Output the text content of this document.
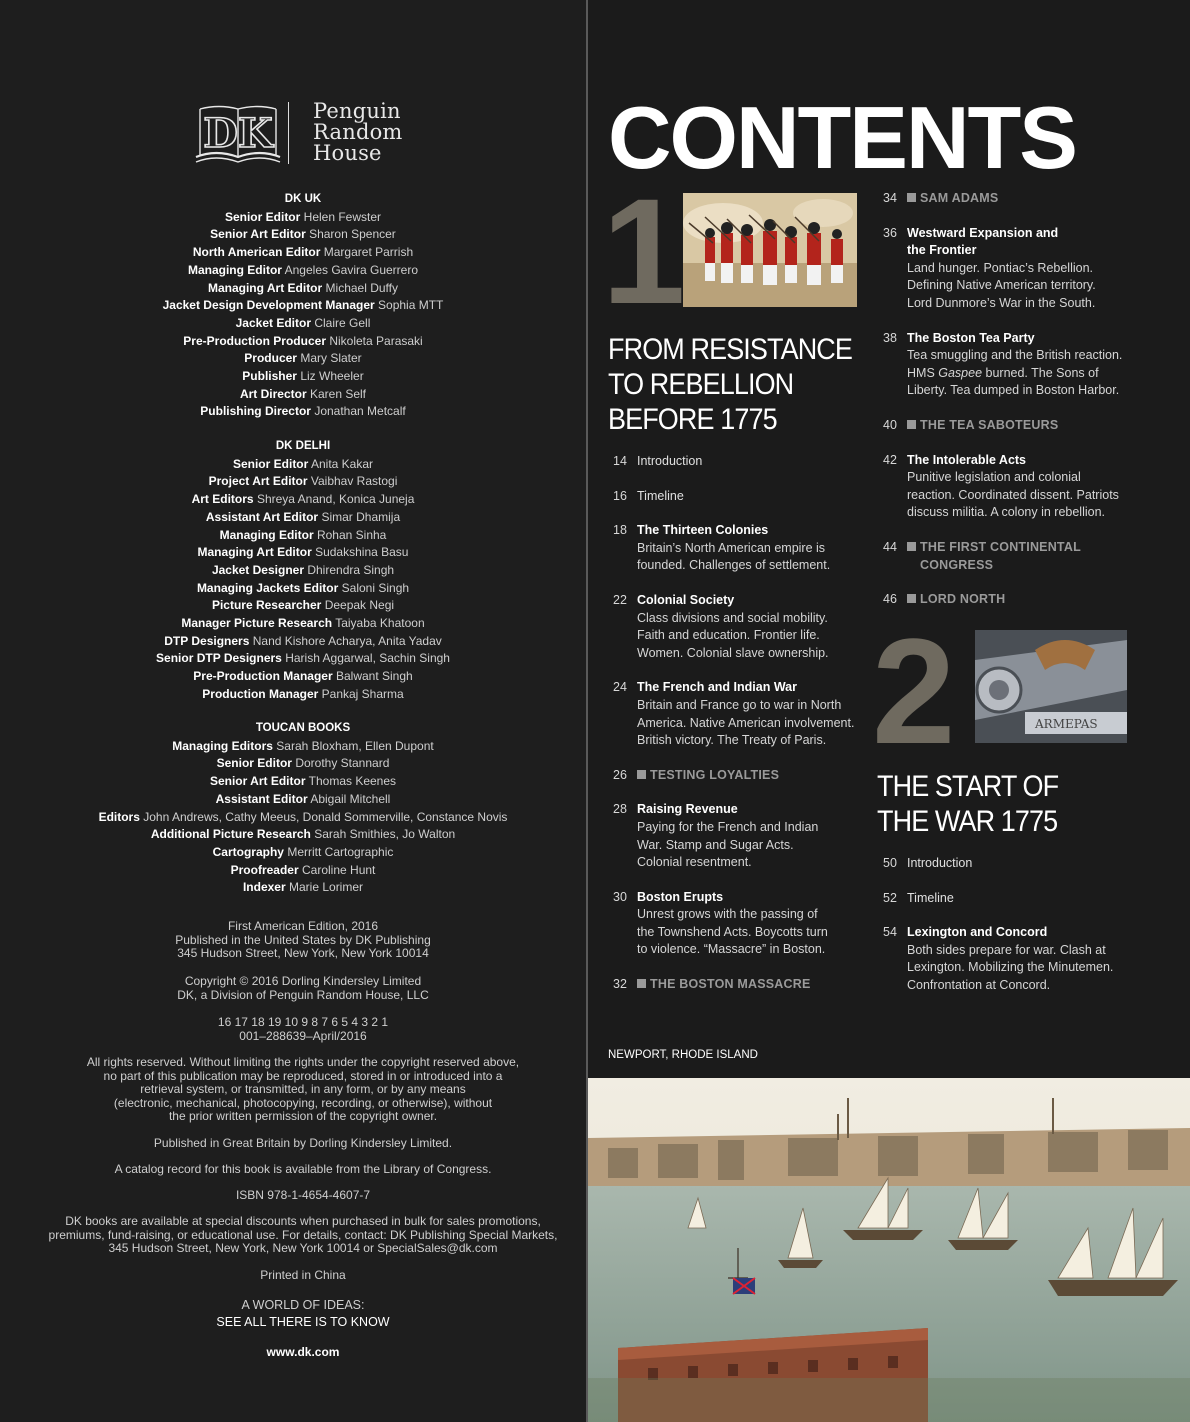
DK Penguin
Random
House
DK UK
Senior Editor Helen Fewster
Senior Art Editor Sharon Spencer
North American Editor Margaret Parrish
Managing Editor Angeles Gavira Guerrero
Managing Art Editor Michael Duffy
Jacket Design Development Manager Sophia MTT
Jacket Editor Claire Gell
Pre-Production Producer Nikoleta Parasaki
Producer Mary Slater
Publisher Liz Wheeler
Art Director Karen Self
Publishing Director Jonathan Metcalf
DK DELHI
Senior Editor Anita Kakar
Project Art Editor Vaibhav Rastogi
Art Editors Shreya Anand, Konica Juneja
Assistant Art Editor Simar Dhamija
Managing Editor Rohan Sinha
Managing Art Editor Sudakshina Basu
Jacket Designer Dhirendra Singh
Managing Jackets Editor Saloni Singh
Picture Researcher Deepak Negi
Manager Picture Research Taiyaba Khatoon
DTP Designers Nand Kishore Acharya, Anita Yadav
Senior DTP Designers Harish Aggarwal, Sachin Singh
Pre-Production Manager Balwant Singh
Production Manager Pankaj Sharma
TOUCAN BOOKS
Managing Editors Sarah Bloxham, Ellen Dupont
Senior Editor Dorothy Stannard
Senior Art Editor Thomas Keenes
Assistant Editor Abigail Mitchell
Editors John Andrews, Cathy Meeus, Donald Sommerville, Constance Novis
Additional Picture Research Sarah Smithies, Jo Walton
Cartography Merritt Cartographic
Proofreader Caroline Hunt
Indexer Marie Lorimer

First American Edition, 2016

Published in the United States by DK Publishing

345 Hudson Street, New York, New York 10014

Copyright © 2016 Dorling Kindersley Limited

DK, a Division of Penguin Random House, LLC

16 17 18 19 10 9 8 7 6 5 4 3 2 1

001–288639–April/2016

All rights reserved. Without limiting the rights under the copyright reserved above,

no part of this publication may be reproduced, stored in or introduced into a

retrieval system, or transmitted, in any form, or by any means

(electronic, mechanical, photocopying, recording, or otherwise), without

the prior written permission of the copyright owner.

Published in Great Britain by Dorling Kindersley Limited.

A catalog record for this book is available from the Library of Congress.

ISBN 978-1-4654-4607-7

DK books are available at special discounts when purchased in bulk for sales promotions,

premiums, fund-raising, or educational use. For details, contact: DK Publishing Special Markets,

345 Hudson Street, New York, New York 10014 or SpecialSales@dk.com

Printed in China

A WORLD OF IDEAS:

SEE ALL THERE IS TO KNOW

www.dk.com

CONTENTS
1
FROM RESISTANCE
TO REBELLION
BEFORE 1775
14 Introduction
16 Timeline
18 The Thirteen Colonies
Britain’s North American empire is
founded. Challenges of settlement.
22 Colonial Society
Class divisions and social mobility.
Faith and education. Frontier life.
Women. Colonial slave ownership.
24 The French and Indian War
Britain and France go to war in North
America. Native American involvement.
British victory. The Treaty of Paris.
26	TESTING LOYALTIES
28 Raising Revenue
Paying for the French and Indian
War. Stamp and Sugar Acts.
Colonial resentment.
30 Boston Erupts
Unrest grows with the passing of
the Townshend Acts. Boycotts turn
to violence. “Massacre” in Boston.
32	THE BOSTON MASSACRE
34	SAM ADAMS
36 Westward Expansion and
the Frontier
Land hunger. Pontiac’s Rebellion.
Defining Native American territory.
Lord Dunmore’s War in the South.
38 The Boston Tea Party
Tea smuggling and the British reaction.
HMS Gaspee burned. The Sons of
Liberty. Tea dumped in Boston Harbor.
40	THE TEA SABOTEURS
42 The Intolerable Acts
Punitive legislation and colonial
reaction. Coordinated dissent. Patriots
discuss militia. A colony in rebellion.
44	THE FIRST CONTINENTAL
CONGRESS
46	LORD NORTH
2	ARMEPAS
THE START OF
THE WAR 1775
50 Introduction
52 Timeline
54 Lexington and Concord
Both sides prepare for war. Clash at
Lexington. Mobilizing the Minutemen.
Confrontation at Concord.
NEWPORT, RHODE ISLAND
